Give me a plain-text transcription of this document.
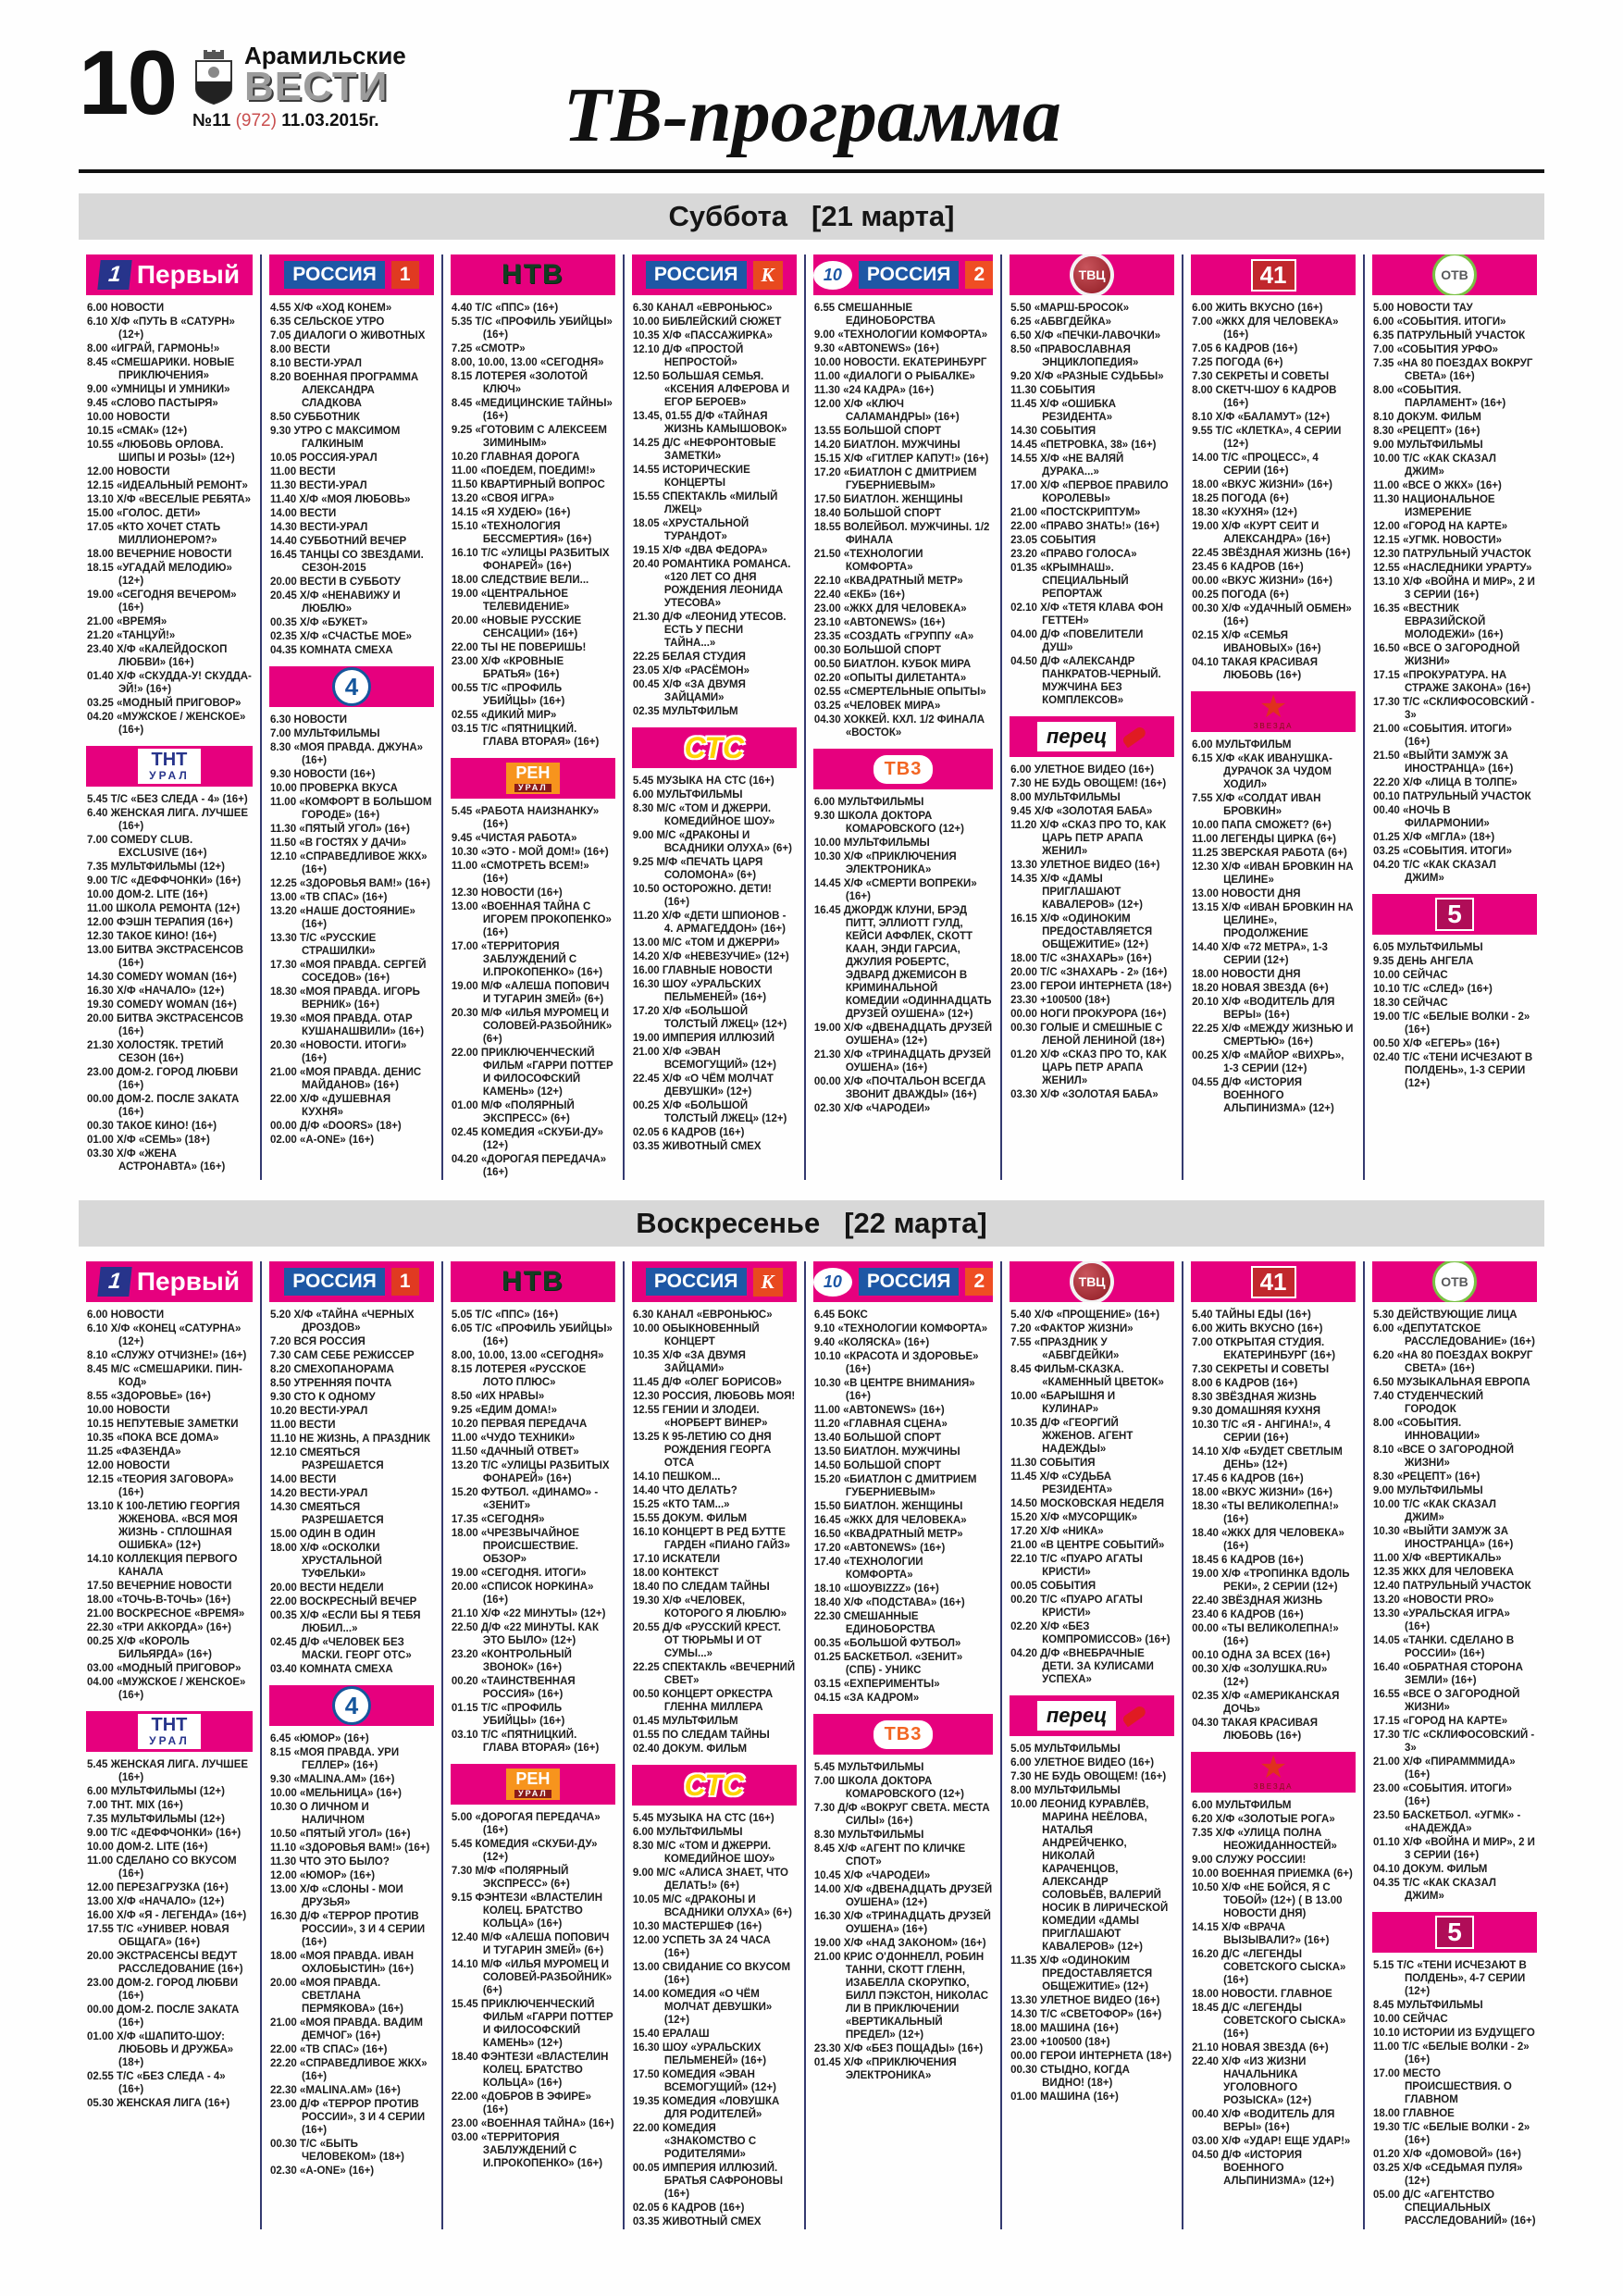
10	Арамильские
ВЕСТИ
№11 (972) 11.03.2015г.	ТВ-программа
Суббота [21 марта]
1 Первый
6.00 НОВОСТИ
6.10 Х/Ф «ПУТЬ В «САТУРН» (12+)
8.00 «ИГРАЙ, ГАРМОНЬ!»
8.45 «СМЕШАРИКИ. НОВЫЕ ПРИКЛЮЧЕНИЯ»
9.00 «УМНИЦЫ И УМНИКИ»
9.45 «СЛОВО ПАСТЫРЯ»
10.00 НОВОСТИ
10.15 «СМАК» (12+)
10.55 «ЛЮБОВЬ ОРЛОВА. ШИПЫ И РОЗЫ» (12+)
12.00 НОВОСТИ
12.15 «ИДЕАЛЬНЫЙ РЕМОНТ»
13.10 Х/Ф «ВЕСЕЛЫЕ РЕБЯТА»
15.00 «ГОЛОС. ДЕТИ»
17.05 «КТО ХОЧЕТ СТАТЬ МИЛЛИОНЕРОМ?»
18.00 ВЕЧЕРНИЕ НОВОСТИ
18.15 «УГАДАЙ МЕЛОДИЮ» (12+)
19.00 «СЕГОДНЯ ВЕЧЕРОМ» (16+)
21.00 «ВРЕМЯ»
21.20 «ТАНЦУЙ!»
23.40 Х/Ф «КАЛЕЙДОСКОП ЛЮБВИ» (16+)
01.40 Х/Ф «СКУДДА-У! СКУДДА-ЭЙ!» (16+)
03.25 «МОДНЫЙ ПРИГОВОР»
04.20 «МУЖСКОЕ / ЖЕНСКОЕ» (16+)
ТНТ
УРАЛ
5.45 Т/С «БЕЗ СЛЕДА - 4» (16+)
6.40 ЖЕНСКАЯ ЛИГА. ЛУЧШЕЕ (16+)
7.00 COMEDY CLUB. EXCLUSIVE (16+)
7.35 МУЛЬТФИЛЬМЫ (12+)
9.00 Т/С «ДЕФФЧОНКИ» (16+)
10.00 ДОМ-2. LITE (16+)
11.00 ШКОЛА РЕМОНТА (12+)
12.00 ФЭШН ТЕРАПИЯ (16+)
12.30 ТАКОЕ КИНО! (16+)
13.00 БИТВА ЭКСТРАСЕНСОВ (16+)
14.30 COMEDY WOMAN (16+)
16.30 Х/Ф «НАЧАЛО» (12+)
19.30 COMEDY WOMAN (16+)
20.00 БИТВА ЭКСТРАСЕНСОВ (16+)
21.30 ХОЛОСТЯК. ТРЕТИЙ СЕЗОН (16+)
23.00 ДОМ-2. ГОРОД ЛЮБВИ (16+)
00.00 ДОМ-2. ПОСЛЕ ЗАКАТА (16+)
00.30 ТАКОЕ КИНО! (16+)
01.00 Х/Ф «СЕМЬ» (18+)
03.30 Х/Ф «ЖЕНА АСТРОНАВТА» (16+)
РОССИЯ	1
4.55 Х/Ф «ХОД КОНЕМ»
6.35 СЕЛЬСКОЕ УТРО
7.05 ДИАЛОГИ О ЖИВОТНЫХ
8.00 ВЕСТИ
8.10 ВЕСТИ-УРАЛ
8.20 ВОЕННАЯ ПРОГРАММА АЛЕКСАНДРА СЛАДКОВА
8.50 СУББОТНИК
9.30 УТРО С МАКСИМОМ ГАЛКИНЫМ
10.05 РОССИЯ-УРАЛ
11.00 ВЕСТИ
11.30 ВЕСТИ-УРАЛ
11.40 Х/Ф «МОЯ ЛЮБОВЬ»
14.00 ВЕСТИ
14.30 ВЕСТИ-УРАЛ
14.40 СУББОТНИЙ ВЕЧЕР
16.45 ТАНЦЫ СО ЗВЕЗДАМИ. СЕЗОН-2015
20.00 ВЕСТИ В СУББОТУ
20.45 Х/Ф «НЕНАВИЖУ И ЛЮБЛЮ»
00.35 Х/Ф «БУКЕТ»
02.35 Х/Ф «СЧАСТЬЕ МОЕ»
04.35 КОМНАТА СМЕХА
4
6.30 НОВОСТИ
7.00 МУЛЬТФИЛЬМЫ
8.30 «МОЯ ПРАВДА. ДЖУНА» (16+)
9.30 НОВОСТИ (16+)
10.00 ПРОВЕРКА ВКУСА
11.00 «КОМФОРТ В БОЛЬШОМ ГОРОДЕ» (16+)
11.30 «ПЯТЫЙ УГОЛ» (16+)
11.50 «В ГОСТЯХ У ДАЧИ»
12.10 «СПРАВЕДЛИВОЕ ЖКХ» (16+)
12.25 «ЗДОРОВЬЯ ВАМ!» (16+)
13.00 «ТВ СПАС» (16+)
13.20 «НАШЕ ДОСТОЯНИЕ» (16+)
13.30 Т/С «РУССКИЕ СТРАШИЛКИ»
17.30 «МОЯ ПРАВДА. СЕРГЕЙ СОСЕДОВ» (16+)
18.30 «МОЯ ПРАВДА. ИГОРЬ ВЕРНИК» (16+)
19.30 «МОЯ ПРАВДА. ОТАР КУШАНАШВИЛИ» (16+)
20.30 «НОВОСТИ. ИТОГИ» (16+)
21.00 «МОЯ ПРАВДА. ДЕНИС МАЙДАНОВ» (16+)
22.00 Х/Ф «ДУШЕВНАЯ КУХНЯ»
00.00 Д/Ф «DOORS» (18+)
02.00 «А-ONE» (16+)
НТВ
4.40 Т/С «ППС» (16+)
5.35 Т/С «ПРОФИЛЬ УБИЙЦЫ» (16+)
7.25 «СМОТР»
8.00, 10.00, 13.00 «СЕГОДНЯ»
8.15 ЛОТЕРЕЯ «ЗОЛОТОЙ КЛЮЧ»
8.45 «МЕДИЦИНСКИЕ ТАЙНЫ» (16+)
9.25 «ГОТОВИМ С АЛЕКСЕЕМ ЗИМИНЫМ»
10.20 ГЛАВНАЯ ДОРОГА
11.00 «ПОЕДЕМ, ПОЕДИМ!»
11.50 КВАРТИРНЫЙ ВОПРОС
13.20 «СВОЯ ИГРА»
14.15 «Я ХУДЕЮ» (16+)
15.10 «ТЕХНОЛОГИЯ БЕССМЕРТИЯ» (16+)
16.10 Т/С «УЛИЦЫ РАЗБИТЫХ ФОНАРЕЙ» (16+)
18.00 СЛЕДСТВИЕ ВЕЛИ...
19.00 «ЦЕНТРАЛЬНОЕ ТЕЛЕВИДЕНИЕ»
20.00 «НОВЫЕ РУССКИЕ СЕНСАЦИИ» (16+)
22.00 ТЫ НЕ ПОВЕРИШЬ!
23.00 Х/Ф «КРОВНЫЕ БРАТЬЯ» (16+)
00.55 Т/С «ПРОФИЛЬ УБИЙЦЫ» (16+)
02.55 «ДИКИЙ МИР»
03.15 Т/С «ПЯТНИЦКИЙ. ГЛАВА ВТОРАЯ» (16+)
РЕН
УРАЛ
5.45 «РАБОТА НАИЗНАНКУ» (16+)
9.45 «ЧИСТАЯ РАБОТА»
10.30 «ЭТО - МОЙ ДОМ!» (16+)
11.00 «СМОТРЕТЬ ВСЕМ!» (16+)
12.30 НОВОСТИ (16+)
13.00 «ВОЕННАЯ ТАЙНА С ИГОРЕМ ПРОКОПЕНКО» (16+)
17.00 «ТЕРРИТОРИЯ ЗАБЛУЖДЕНИЙ С И.ПРОКОПЕНКО» (16+)
19.00 М/Ф «АЛЕША ПОПОВИЧ И ТУГАРИН ЗМЕЙ» (6+)
20.30 М/Ф «ИЛЬЯ МУРОМЕЦ И СОЛОВЕЙ-РАЗБОЙНИК» (6+)
22.00 ПРИКЛЮЧЕНЧЕСКИЙ ФИЛЬМ «ГАРРИ ПОТТЕР И ФИЛОСОФСКИЙ КАМЕНЬ» (12+)
01.00 М/Ф «ПОЛЯРНЫЙ ЭКСПРЕСС» (6+)
02.45 КОМЕДИЯ «СКУБИ-ДУ» (12+)
04.20 «ДОРОГАЯ ПЕРЕДАЧА» (16+)
РОССИЯ	К
6.30 КАНАЛ «ЕВРОНЬЮС»
10.00 БИБЛЕЙСКИЙ СЮЖЕТ
10.35 Х/Ф «ПАССАЖИРКА»
12.10 Д/Ф «ПРОСТОЙ НЕПРОСТОЙ»
12.50 БОЛЬШАЯ СЕМЬЯ. «КСЕНИЯ АЛФЕРОВА И ЕГОР БЕРОЕВ»
13.45, 01.55 Д/Ф «ТАЙНАЯ ЖИЗНЬ КАМЫШОВОК»
14.25 Д/С «НЕФРОНТОВЫЕ ЗАМЕТКИ»
14.55 ИСТОРИЧЕСКИЕ КОНЦЕРТЫ
15.55 СПЕКТАКЛЬ «МИЛЫЙ ЛЖЕЦ»
18.05 «ХРУСТАЛЬНОЙ ТУРАНДОТ»
19.15 Х/Ф «ДВА ФЕДОРА»
20.40 РОМАНТИКА РОМАНСА. «120 ЛЕТ СО ДНЯ РОЖДЕНИЯ ЛЕОНИДА УТЕСОВА»
21.30 Д/Ф «ЛЕОНИД УТЕСОВ. ЕСТЬ У ПЕСНИ ТАЙНА...»
22.25 БЕЛАЯ СТУДИЯ
23.05 Х/Ф «РАСЁМОН»
00.45 Х/Ф «ЗА ДВУМЯ ЗАЙЦАМИ»
02.35 МУЛЬТФИЛЬМ
СТС
5.45 МУЗЫКА НА СТС (16+)
6.00 МУЛЬТФИЛЬМЫ
8.30 М/С «ТОМ И ДЖЕРРИ. КОМЕДИЙНОЕ ШОУ»
9.00 М/С «ДРАКОНЫ И ВСАДНИКИ ОЛУХА» (6+)
9.25 М/Ф «ПЕЧАТЬ ЦАРЯ СОЛОМОНА» (6+)
10.50 ОСТОРОЖНО. ДЕТИ! (16+)
11.20 Х/Ф «ДЕТИ ШПИОНОВ - 4. АРМАГЕДДОН» (16+)
13.00 М/С «ТОМ И ДЖЕРРИ»
14.20 Х/Ф «НЕВЕЗУЧИЕ» (12+)
16.00 ГЛАВНЫЕ НОВОСТИ
16.30 ШОУ «УРАЛЬСКИХ ПЕЛЬМЕНЕЙ» (16+)
17.20 Х/Ф «БОЛЬШОЙ ТОЛСТЫЙ ЛЖЕЦ» (12+)
19.00 ИМПЕРИЯ ИЛЛЮЗИЙ
21.00 Х/Ф «ЭВАН ВСЕМОГУЩИЙ» (12+)
22.45 Х/Ф «О ЧЁМ МОЛЧАТ ДЕВУШКИ» (12+)
00.25 Х/Ф «БОЛЬШОЙ ТОЛСТЫЙ ЛЖЕЦ» (12+)
02.05 6 КАДРОВ (16+)
03.35 ЖИВОТНЫЙ СМЕХ
10	РОССИЯ	2
6.55 СМЕШАННЫЕ ЕДИНОБОРСТВА
9.00 «ТЕХНОЛОГИИ КОМФОРТА»
9.30 «АВТОNEWS» (16+)
10.00 НОВОСТИ. ЕКАТЕРИНБУРГ
11.00 «ДИАЛОГИ О РЫБАЛКЕ»
11.30 «24 КАДРА» (16+)
12.00 Х/Ф «КЛЮЧ САЛАМАНДРЫ» (16+)
13.55 БОЛЬШОЙ СПОРТ
14.20 БИАТЛОН. МУЖЧИНЫ
15.15 Х/Ф «ГИТЛЕР КАПУТ!» (16+)
17.20 «БИАТЛОН С ДМИТРИЕМ ГУБЕРНИЕВЫМ»
17.50 БИАТЛОН. ЖЕНЩИНЫ
18.40 БОЛЬШОЙ СПОРТ
18.55 ВОЛЕЙБОЛ. МУЖЧИНЫ. 1/2 ФИНАЛА
21.50 «ТЕХНОЛОГИИ КОМФОРТА»
22.10 «КВАДРАТНЫЙ МЕТР»
22.40 «ЕКБ» (16+)
23.00 «ЖКХ ДЛЯ ЧЕЛОВЕКА»
23.10 «АВТОNEWS» (16+)
23.35 «СОЗДАТЬ «ГРУППУ «А»
00.30 БОЛЬШОЙ СПОРТ
00.50 БИАТЛОН. КУБОК МИРА
02.20 «ОПЫТЫ ДИЛЕТАНТА»
02.55 «СМЕРТЕЛЬНЫЕ ОПЫТЫ»
03.25 «ЧЕЛОВЕК МИРА»
04.30 ХОККЕЙ. КХЛ. 1/2 ФИНАЛА «ВОСТОК»
ТВ3
6.00 МУЛЬТФИЛЬМЫ
9.30 ШКОЛА ДОКТОРА КОМАРОВСКОГО (12+)
10.00 МУЛЬТФИЛЬМЫ
10.30 Х/Ф «ПРИКЛЮЧЕНИЯ ЭЛЕКТРОНИКА»
14.45 Х/Ф «СМЕРТИ ВОПРЕКИ» (16+)
16.45 ДЖОРДЖ КЛУНИ, БРЭД ПИТТ, ЭЛЛИОТТ ГУЛД, КЕЙСИ АФФЛЕК, СКОТТ КААН, ЭНДИ ГАРСИА, ДЖУЛИЯ РОБЕРТС, ЭДВАРД ДЖЕМИСОН В КРИМИНАЛЬНОЙ КОМЕДИИ «ОДИННАДЦАТЬ ДРУЗЕЙ ОУШЕНА» (12+)
19.00 Х/Ф «ДВЕНАДЦАТЬ ДРУЗЕЙ ОУШЕНА» (12+)
21.30 Х/Ф «ТРИНАДЦАТЬ ДРУЗЕЙ ОУШЕНА» (16+)
00.00 Х/Ф «ПОЧТАЛЬОН ВСЕГДА ЗВОНИТ ДВАЖДЫ» (16+)
02.30 Х/Ф «ЧАРОДЕИ»
ТВЦ
5.50 «МАРШ-БРОСОК»
6.25 «АБВГДЕЙКА»
6.50 Х/Ф «ПЕЧКИ-ЛАВОЧКИ»
8.50 «ПРАВОСЛАВНАЯ ЭНЦИКЛОПЕДИЯ»
9.20 Х/Ф «РАЗНЫЕ СУДЬБЫ»
11.30 СОБЫТИЯ
11.45 Х/Ф «ОШИБКА РЕЗИДЕНТА»
14.30 СОБЫТИЯ
14.45 «ПЕТРОВКА, 38» (16+)
14.55 Х/Ф «НЕ ВАЛЯЙ ДУРАКА...»
17.00 Х/Ф «ПЕРВОЕ ПРАВИЛО КОРОЛЕВЫ»
21.00 «ПОСТСКРИПТУМ»
22.00 «ПРАВО ЗНАТЬ!» (16+)
23.05 СОБЫТИЯ
23.20 «ПРАВО ГОЛОСА»
01.35 «КРЫМНАШ». СПЕЦИАЛЬНЫЙ РЕПОРТАЖ
02.10 Х/Ф «ТЕТЯ КЛАВА ФОН ГЕТТЕН»
04.00 Д/Ф «ПОВЕЛИТЕЛИ ДУШ»
04.50 Д/Ф «АЛЕКСАНДР ПАНКРАТОВ-ЧЕРНЫЙ. МУЖЧИНА БЕЗ КОМПЛЕКСОВ»
перец
6.00 УЛЕТНОЕ ВИДЕО (16+)
7.30 НЕ БУДЬ ОВОЩЕМ! (16+)
8.00 МУЛЬТФИЛЬМЫ
9.45 Х/Ф «ЗОЛОТАЯ БАБА»
11.20 Х/Ф «СКАЗ ПРО ТО, КАК ЦАРЬ ПЕТР АРАПА ЖЕНИЛ»
13.30 УЛЕТНОЕ ВИДЕО (16+)
14.35 Х/Ф «ДАМЫ ПРИГЛАШАЮТ КАВАЛЕРОВ» (12+)
16.15 Х/Ф «ОДИНОКИМ ПРЕДОСТАВЛЯЕТСЯ ОБЩЕЖИТИЕ» (12+)
18.00 Т/С «ЗНАХАРЬ» (16+)
20.00 Т/С «ЗНАХАРЬ - 2» (16+)
23.00 ГЕРОИ ИНТЕРНЕТА (18+)
23.30 +100500 (18+)
00.00 НОГИ ПРОКУРОРА (16+)
00.30 ГОЛЫЕ И СМЕШНЫЕ С ЛЕНОЙ ЛЕНИНОЙ (18+)
01.20 Х/Ф «СКАЗ ПРО ТО, КАК ЦАРЬ ПЕТР АРАПА ЖЕНИЛ»
03.30 Х/Ф «ЗОЛОТАЯ БАБА»
41
6.00 ЖИТЬ ВКУСНО (16+)
7.00 «ЖКХ ДЛЯ ЧЕЛОВЕКА» (16+)
7.05 6 КАДРОВ (16+)
7.25 ПОГОДА (6+)
7.30 СЕКРЕТЫ И СОВЕТЫ
8.00 СКЕТЧ-ШОУ 6 КАДРОВ (16+)
8.10 Х/Ф «БАЛАМУТ» (12+)
9.55 Т/С «КЛЕТКА», 4 СЕРИИ (12+)
14.00 Т/С «ПРОЦЕСС», 4 СЕРИИ (16+)
18.00 «ВКУС ЖИЗНИ» (16+)
18.25 ПОГОДА (6+)
18.30 «КУХНЯ» (12+)
19.00 Х/Ф «КУРТ СЕИТ И АЛЕКСАНДРА» (16+)
22.45 ЗВЁЗДНАЯ ЖИЗНЬ (16+)
23.45 6 КАДРОВ (16+)
00.00 «ВКУС ЖИЗНИ» (16+)
00.25 ПОГОДА (6+)
00.30 Х/Ф «УДАЧНЫЙ ОБМЕН» (16+)
02.15 Х/Ф «СЕМЬЯ ИВАНОВЫХ» (16+)
04.10 ТАКАЯ КРАСИВАЯ ЛЮБОВЬ (16+)
★
ЗВЕЗДА
6.00 МУЛЬТФИЛЬМ
6.15 Х/Ф «КАК ИВАНУШКА-ДУРАЧОК ЗА ЧУДОМ ХОДИЛ»
7.55 Х/Ф «СОЛДАТ ИВАН БРОВКИН»
10.00 ПАПА СМОЖЕТ? (6+)
11.00 ЛЕГЕНДЫ ЦИРКА (6+)
11.25 ЗВЕРСКАЯ РАБОТА (6+)
12.30 Х/Ф «ИВАН БРОВКИН НА ЦЕЛИНЕ»
13.00 НОВОСТИ ДНЯ
13.15 Х/Ф «ИВАН БРОВКИН НА ЦЕЛИНЕ», ПРОДОЛЖЕНИЕ
14.40 Х/Ф «72 МЕТРА», 1-3 СЕРИИ (12+)
18.00 НОВОСТИ ДНЯ
18.20 НОВАЯ ЗВЕЗДА (6+)
20.10 Х/Ф «ВОДИТЕЛЬ ДЛЯ ВЕРЫ» (16+)
22.25 Х/Ф «МЕЖДУ ЖИЗНЬЮ И СМЕРТЬЮ» (16+)
00.25 Х/Ф «МАЙОР «ВИХРЬ», 1-3 СЕРИИ (12+)
04.55 Д/Ф «ИСТОРИЯ ВОЕННОГО АЛЬПИНИЗМА» (12+)
ОТВ
5.00 НОВОСТИ ТАУ
6.00 «СОБЫТИЯ. ИТОГИ»
6.35 ПАТРУЛЬНЫЙ УЧАСТОК
7.00 «СОБЫТИЯ УРФО»
7.35 «НА 80 ПОЕЗДАХ ВОКРУГ СВЕТА» (16+)
8.00 «СОБЫТИЯ. ПАРЛАМЕНТ» (16+)
8.10 ДОКУМ. ФИЛЬМ
8.30 «РЕЦЕПТ» (16+)
9.00 МУЛЬТФИЛЬМЫ
10.00 Т/С «КАК СКАЗАЛ ДЖИМ»
11.00 «ВСЕ О ЖКХ» (16+)
11.30 НАЦИОНАЛЬНОЕ ИЗМЕРЕНИЕ
12.00 «ГОРОД НА КАРТЕ»
12.15 «УГМК. НОВОСТИ»
12.30 ПАТРУЛЬНЫЙ УЧАСТОК
12.55 «НАСЛЕДНИКИ УРАРТУ»
13.10 Х/Ф «ВОЙНА И МИР», 2 И 3 СЕРИИ (16+)
16.35 «ВЕСТНИК ЕВРАЗИЙСКОЙ МОЛОДЕЖИ» (16+)
16.50 «ВСЕ О ЗАГОРОДНОЙ ЖИЗНИ»
17.15 «ПРОКУРАТУРА. НА СТРАЖЕ ЗАКОНА» (16+)
17.30 Т/С «СКЛИФОСОВСКИЙ - 3»
21.00 «СОБЫТИЯ. ИТОГИ» (16+)
21.50 «ВЫЙТИ ЗАМУЖ ЗА ИНОСТРАНЦА» (16+)
22.20 Х/Ф «ЛИЦА В ТОЛПЕ»
00.10 ПАТРУЛЬНЫЙ УЧАСТОК
00.40 «НОЧЬ В ФИЛАРМОНИИ»
01.25 Х/Ф «МГЛА» (18+)
03.25 «СОБЫТИЯ. ИТОГИ»
04.20 Т/С «КАК СКАЗАЛ ДЖИМ»
5
6.05 МУЛЬТФИЛЬМЫ
9.35 ДЕНЬ АНГЕЛА
10.00 СЕЙЧАС
10.10 Т/С «СЛЕД» (16+)
18.30 СЕЙЧАС
19.00 Т/С «БЕЛЫЕ ВОЛКИ - 2» (16+)
00.50 Х/Ф «ЕГЕРЬ» (16+)
02.40 Т/С «ТЕНИ ИСЧЕЗАЮТ В ПОЛДЕНЬ», 1-3 СЕРИИ (12+)
Воскресенье [22 марта]
1 Первый
6.00 НОВОСТИ
6.10 Х/Ф «КОНЕЦ «САТУРНА» (12+)
8.10 «СЛУЖУ ОТЧИЗНЕ!» (16+)
8.45 М/С «СМЕШАРИКИ. ПИН-КОД»
8.55 «ЗДОРОВЬЕ» (16+)
10.00 НОВОСТИ
10.15 НЕПУТЕВЫЕ ЗАМЕТКИ
10.35 «ПОКА ВСЕ ДОМА»
11.25 «ФАЗЕНДА»
12.00 НОВОСТИ
12.15 «ТЕОРИЯ ЗАГОВОРА» (16+)
13.10 К 100-ЛЕТИЮ ГЕОРГИЯ ЖЖЕНОВА. «ВСЯ МОЯ ЖИЗНЬ - СПЛОШНАЯ ОШИБКА» (12+)
14.10 КОЛЛЕКЦИЯ ПЕРВОГО КАНАЛА
17.50 ВЕЧЕРНИЕ НОВОСТИ
18.00 «ТОЧЬ-В-ТОЧЬ» (16+)
21.00 ВОСКРЕСНОЕ «ВРЕМЯ»
22.30 «ТРИ АККОРДА» (16+)
00.25 Х/Ф «КОРОЛЬ БИЛЬЯРДА» (16+)
03.00 «МОДНЫЙ ПРИГОВОР»
04.00 «МУЖСКОЕ / ЖЕНСКОЕ» (16+)
ТНТ
УРАЛ
5.45 ЖЕНСКАЯ ЛИГА. ЛУЧШЕЕ (16+)
6.00 МУЛЬТФИЛЬМЫ (12+)
7.00 ТНТ. MIX (16+)
7.35 МУЛЬТФИЛЬМЫ (12+)
9.00 Т/С «ДЕФФЧОНКИ» (16+)
10.00 ДОМ-2. LITE (16+)
11.00 СДЕЛАНО СО ВКУСОМ (16+)
12.00 ПЕРЕЗАГРУЗКА (16+)
13.00 Х/Ф «НАЧАЛО» (12+)
16.00 Х/Ф «Я - ЛЕГЕНДА» (16+)
17.55 Т/С «УНИВЕР. НОВАЯ ОБЩАГА» (16+)
20.00 ЭКСТРАСЕНСЫ ВЕДУТ РАССЛЕДОВАНИЕ (16+)
23.00 ДОМ-2. ГОРОД ЛЮБВИ (16+)
00.00 ДОМ-2. ПОСЛЕ ЗАКАТА (16+)
01.00 Х/Ф «ШАПИТО-ШОУ: ЛЮБОВЬ И ДРУЖБА» (18+)
02.55 Т/С «БЕЗ СЛЕДА - 4» (16+)
05.30 ЖЕНСКАЯ ЛИГА (16+)
РОССИЯ	1
5.20 Х/Ф «ТАЙНА «ЧЕРНЫХ ДРОЗДОВ»
7.20 ВСЯ РОССИЯ
7.30 САМ СЕБЕ РЕЖИССЕР
8.20 СМЕХОПАНОРАМА
8.50 УТРЕННЯЯ ПОЧТА
9.30 СТО К ОДНОМУ
10.20 ВЕСТИ-УРАЛ
11.00 ВЕСТИ
11.10 НЕ ЖИЗНЬ, А ПРАЗДНИК
12.10 СМЕЯТЬСЯ РАЗРЕШАЕТСЯ
14.00 ВЕСТИ
14.20 ВЕСТИ-УРАЛ
14.30 СМЕЯТЬСЯ РАЗРЕШАЕТСЯ
15.00 ОДИН В ОДИН
18.00 Х/Ф «ОСКОЛКИ ХРУСТАЛЬНОЙ ТУФЕЛЬКИ»
20.00 ВЕСТИ НЕДЕЛИ
22.00 ВОСКРЕСНЫЙ ВЕЧЕР
00.35 Х/Ф «ЕСЛИ БЫ Я ТЕБЯ ЛЮБИЛ...»
02.45 Д/Ф «ЧЕЛОВЕК БЕЗ МАСКИ. ГЕОРГ ОТС»
03.40 КОМНАТА СМЕХА
4
6.45 «ЮМОР» (16+)
8.15 «МОЯ ПРАВДА. УРИ ГЕЛЛЕР» (16+)
9.30 «MALINA.AM» (16+)
10.00 «МЕЛЬНИЦА» (16+)
10.30 О ЛИЧНОМ И НАЛИЧНОМ
10.50 «ПЯТЫЙ УГОЛ» (16+)
11.10 «ЗДОРОВЬЯ ВАМ!» (16+)
11.30 ЧТО ЭТО БЫЛО?
12.00 «ЮМОР» (16+)
13.00 Х/Ф «СЛОНЫ - МОИ ДРУЗЬЯ»
16.30 Д/Ф «ТЕРРОР ПРОТИВ РОССИИ», 3 И 4 СЕРИИ (16+)
18.00 «МОЯ ПРАВДА. ИВАН ОХЛОБЫСТИН» (16+)
20.00 «МОЯ ПРАВДА. СВЕТЛАНА ПЕРМЯКОВА» (16+)
21.00 «МОЯ ПРАВДА. ВАДИМ ДЕМЧОГ» (16+)
22.00 «ТВ СПАС» (16+)
22.20 «СПРАВЕДЛИВОЕ ЖКХ» (16+)
22.30 «MALINA.AM» (16+)
23.00 Д/Ф «ТЕРРОР ПРОТИВ РОССИИ», 3 И 4 СЕРИИ (16+)
00.30 Т/С «БЫТЬ ЧЕЛОВЕКОМ» (18+)
02.30 «А-ONE» (16+)
НТВ
5.05 Т/С «ППС» (16+)
6.05 Т/С «ПРОФИЛЬ УБИЙЦЫ» (16+)
8.00, 10.00, 13.00 «СЕГОДНЯ»
8.15 ЛОТЕРЕЯ «РУССКОЕ ЛОТО ПЛЮС»
8.50 «ИХ НРАВЫ»
9.25 «ЕДИМ ДОМА!»
10.20 ПЕРВАЯ ПЕРЕДАЧА
11.00 «ЧУДО ТЕХНИКИ»
11.50 «ДАЧНЫЙ ОТВЕТ»
13.20 Т/С «УЛИЦЫ РАЗБИТЫХ ФОНАРЕЙ» (16+)
15.20 ФУТБОЛ. «ДИНАМО» - «ЗЕНИТ»
17.35 «СЕГОДНЯ»
18.00 «ЧРЕЗВЫЧАЙНОЕ ПРОИСШЕСТВИЕ. ОБЗОР»
19.00 «СЕГОДНЯ. ИТОГИ»
20.00 «СПИСОК НОРКИНА» (16+)
21.10 Х/Ф «22 МИНУТЫ» (12+)
22.50 Д/Ф «22 МИНУТЫ. КАК ЭТО БЫЛО» (12+)
23.20 «КОНТРОЛЬНЫЙ ЗВОНОК» (16+)
00.20 «ТАИНСТВЕННАЯ РОССИЯ» (16+)
01.15 Т/С «ПРОФИЛЬ УБИЙЦЫ» (16+)
03.10 Т/С «ПЯТНИЦКИЙ. ГЛАВА ВТОРАЯ» (16+)
РЕН
УРАЛ
5.00 «ДОРОГАЯ ПЕРЕДАЧА» (16+)
5.45 КОМЕДИЯ «СКУБИ-ДУ» (12+)
7.30 М/Ф «ПОЛЯРНЫЙ ЭКСПРЕСС» (6+)
9.15 ФЭНТЕЗИ «ВЛАСТЕЛИН КОЛЕЦ. БРАТСТВО КОЛЬЦА» (16+)
12.40 М/Ф «АЛЕША ПОПОВИЧ И ТУГАРИН ЗМЕЙ» (6+)
14.10 М/Ф «ИЛЬЯ МУРОМЕЦ И СОЛОВЕЙ-РАЗБОЙНИК» (6+)
15.45 ПРИКЛЮЧЕНЧЕСКИЙ ФИЛЬМ «ГАРРИ ПОТТЕР И ФИЛОСОФСКИЙ КАМЕНЬ» (12+)
18.40 ФЭНТЕЗИ «ВЛАСТЕЛИН КОЛЕЦ. БРАТСТВО КОЛЬЦА» (16+)
22.00 «ДОБРОВ В ЭФИРЕ» (16+)
23.00 «ВОЕННАЯ ТАЙНА» (16+)
03.00 «ТЕРРИТОРИЯ ЗАБЛУЖДЕНИЙ С И.ПРОКОПЕНКО» (16+)
РОССИЯ	К
6.30 КАНАЛ «ЕВРОНЬЮС»
10.00 ОБЫКНОВЕННЫЙ КОНЦЕРТ
10.35 Х/Ф «ЗА ДВУМЯ ЗАЙЦАМИ»
11.45 Д/Ф «ОЛЕГ БОРИСОВ»
12.30 РОССИЯ, ЛЮБОВЬ МОЯ!
12.55 ГЕНИИ И ЗЛОДЕИ. «НОРБЕРТ ВИНЕР»
13.25 К 95-ЛЕТИЮ СО ДНЯ РОЖДЕНИЯ ГЕОРГА ОТСА
14.10 ПЕШКОМ...
14.40 ЧТО ДЕЛАТЬ?
15.25 «КТО ТАМ...»
15.55 ДОКУМ. ФИЛЬМ
16.10 КОНЦЕРТ В РЕД БУТТЕ ГАРДЕН «ПИАНО ГАЙЗ»
17.10 ИСКАТЕЛИ
18.00 КОНТЕКСТ
18.40 ПО СЛЕДАМ ТАЙНЫ
19.30 Х/Ф «ЧЕЛОВЕК, КОТОРОГО Я ЛЮБЛЮ»
20.55 Д/Ф «РУССКИЙ КРЕСТ. ОТ ТЮРЬМЫ И ОТ СУМЫ...»
22.25 СПЕКТАКЛЬ «ВЕЧЕРНИЙ СВЕТ»
00.50 КОНЦЕРТ ОРКЕСТРА ГЛЕННА МИЛЛЕРА
01.45 МУЛЬТФИЛЬМ
01.55 ПО СЛЕДАМ ТАЙНЫ
02.40 ДОКУМ. ФИЛЬМ
СТС
5.45 МУЗЫКА НА СТС (16+)
6.00 МУЛЬТФИЛЬМЫ
8.30 М/С «ТОМ И ДЖЕРРИ. КОМЕДИЙНОЕ ШОУ»
9.00 М/С «АЛИСА ЗНАЕТ, ЧТО ДЕЛАТЬ!» (6+)
10.05 М/С «ДРАКОНЫ И ВСАДНИКИ ОЛУХА» (6+)
10.30 МАСТЕРШЕФ (16+)
12.00 УСПЕТЬ ЗА 24 ЧАСА (16+)
13.00 СВИДАНИЕ СО ВКУСОМ (16+)
14.00 КОМЕДИЯ «О ЧЁМ МОЛЧАТ ДЕВУШКИ» (12+)
15.40 ЕРАЛАШ
16.30 ШОУ «УРАЛЬСКИХ ПЕЛЬМЕНЕЙ» (16+)
17.50 КОМЕДИЯ «ЭВАН ВСЕМОГУЩИЙ» (12+)
19.35 КОМЕДИЯ «ЛОВУШКА ДЛЯ РОДИТЕЛЕЙ»
22.00 КОМЕДИЯ «ЗНАКОМСТВО С РОДИТЕЛЯМИ»
00.05 ИМПЕРИЯ ИЛЛЮЗИЙ. БРАТЬЯ САФРОНОВЫ (16+)
02.05 6 КАДРОВ (16+)
03.35 ЖИВОТНЫЙ СМЕХ
10	РОССИЯ	2
6.45 БОКС
9.10 «ТЕХНОЛОГИИ КОМФОРТА»
9.40 «КОЛЯСКА» (16+)
10.10 «КРАСОТА И ЗДОРОВЬЕ» (16+)
10.30 «В ЦЕНТРЕ ВНИМАНИЯ» (16+)
11.00 «АВТОNEWS» (16+)
11.20 «ГЛАВНАЯ СЦЕНА»
13.40 БОЛЬШОЙ СПОРТ
13.50 БИАТЛОН. МУЖЧИНЫ
14.50 БОЛЬШОЙ СПОРТ
15.20 «БИАТЛОН С ДМИТРИЕМ ГУБЕРНИЕВЫМ»
15.50 БИАТЛОН. ЖЕНЩИНЫ
16.45 «ЖКХ ДЛЯ ЧЕЛОВЕКА»
16.50 «КВАДРАТНЫЙ МЕТР»
17.20 «АВТОNEWS» (16+)
17.40 «ТЕХНОЛОГИИ КОМФОРТА»
18.10 «ШОУBIZZZ» (16+)
18.40 Х/Ф «ПОДСТАВА» (16+)
22.30 СМЕШАННЫЕ ЕДИНОБОРСТВА
00.35 «БОЛЬШОЙ ФУТБОЛ»
01.25 БАСКЕТБОЛ. «ЗЕНИТ» (СПБ) - УНИКС
03.15 «ЕХПЕРИМЕНТЫ»
04.15 «ЗА КАДРОМ»
ТВ3
5.45 МУЛЬТФИЛЬМЫ
7.00 ШКОЛА ДОКТОРА КОМАРОВСКОГО (12+)
7.30 Д/Ф «ВОКРУГ СВЕТА. МЕСТА СИЛЫ» (16+)
8.30 МУЛЬТФИЛЬМЫ
8.45 Х/Ф «АГЕНТ ПО КЛИЧКЕ СПОТ»
10.45 Х/Ф «ЧАРОДЕИ»
14.00 Х/Ф «ДВЕНАДЦАТЬ ДРУЗЕЙ ОУШЕНА» (12+)
16.30 Х/Ф «ТРИНАДЦАТЬ ДРУЗЕЙ ОУШЕНА» (16+)
19.00 Х/Ф «НАД ЗАКОНОМ» (16+)
21.00 КРИС О'ДОННЕЛЛ, РОБИН ТАННИ, СКОТТ ГЛЕНН, ИЗАБЕЛЛА СКОРУПКО, БИЛЛ ПЭКСТОН, НИКОЛАС ЛИ В ПРИКЛЮЧЕНИИ «ВЕРТИКАЛЬНЫЙ ПРЕДЕЛ» (12+)
23.30 Х/Ф «БЕЗ ПОЩАДЫ» (16+)
01.45 Х/Ф «ПРИКЛЮЧЕНИЯ ЭЛЕКТРОНИКА»
ТВЦ
5.40 Х/Ф «ПРОЩЕНИЕ» (16+)
7.20 «ФАКТОР ЖИЗНИ»
7.55 «ПРАЗДНИК У «АБВГДЕЙКИ»
8.45 ФИЛЬМ-СКАЗКА. «КАМЕННЫЙ ЦВЕТОК»
10.00 «БАРЫШНЯ И КУЛИНАР»
10.35 Д/Ф «ГЕОРГИЙ ЖЖЕНОВ. АГЕНТ НАДЕЖДЫ»
11.30 СОБЫТИЯ
11.45 Х/Ф «СУДЬБА РЕЗИДЕНТА»
14.50 МОСКОВСКАЯ НЕДЕЛЯ
15.20 Х/Ф «МУСОРЩИК»
17.20 Х/Ф «НИКА»
21.00 «В ЦЕНТРЕ СОБЫТИЙ»
22.10 Т/С «ПУАРО АГАТЫ КРИСТИ»
00.05 СОБЫТИЯ
00.20 Т/С «ПУАРО АГАТЫ КРИСТИ»
02.20 Х/Ф «БЕЗ КОМПРОМИССОВ» (16+)
04.20 Д/Ф «ВНЕБРАЧНЫЕ ДЕТИ. ЗА КУЛИСАМИ УСПЕХА»
перец
5.05 МУЛЬТФИЛЬМЫ
6.00 УЛЕТНОЕ ВИДЕО (16+)
7.30 НЕ БУДЬ ОВОЩЕМ! (16+)
8.00 МУЛЬТФИЛЬМЫ
10.00 ЛЕОНИД КУРАВЛЁВ, МАРИНА НЕЁЛОВА, НАТАЛЬЯ АНДРЕЙЧЕНКО, НИКОЛАЙ КАРАЧЕНЦОВ, АЛЕКСАНДР СОЛОВЬЁВ, ВАЛЕРИЙ НОСИК В ЛИРИЧЕСКОЙ КОМЕДИИ «ДАМЫ ПРИГЛАШАЮТ КАВАЛЕРОВ» (12+)
11.35 Х/Ф «ОДИНОКИМ ПРЕДОСТАВЛЯЕТСЯ ОБЩЕЖИТИЕ» (12+)
13.30 УЛЕТНОЕ ВИДЕО (16+)
14.30 Т/С «СВЕТОФОР» (16+)
18.00 МАШИНА (16+)
23.00 +100500 (18+)
00.00 ГЕРОИ ИНТЕРНЕТА (18+)
00.30 СТЫДНО, КОГДА ВИДНО! (18+)
01.00 МАШИНА (16+)
41
5.40 ТАЙНЫ ЕДЫ (16+)
6.00 ЖИТЬ ВКУСНО (16+)
7.00 ОТКРЫТАЯ СТУДИЯ. ЕКАТЕРИНБУРГ (16+)
7.30 СЕКРЕТЫ И СОВЕТЫ
8.00 6 КАДРОВ (16+)
8.30 ЗВЁЗДНАЯ ЖИЗНЬ
9.30 ДОМАШНЯЯ КУХНЯ
10.30 Т/С «Я - АНГИНА!», 4 СЕРИИ (16+)
14.10 Х/Ф «БУДЕТ СВЕТЛЫМ ДЕНЬ» (12+)
17.45 6 КАДРОВ (16+)
18.00 «ВКУС ЖИЗНИ» (16+)
18.30 «ТЫ ВЕЛИКОЛЕПНА!» (16+)
18.40 «ЖКХ ДЛЯ ЧЕЛОВЕКА» (16+)
18.45 6 КАДРОВ (16+)
19.00 Х/Ф «ТРОПИНКА ВДОЛЬ РЕКИ», 2 СЕРИИ (12+)
22.40 ЗВЁЗДНАЯ ЖИЗНЬ
23.40 6 КАДРОВ (16+)
00.00 «ТЫ ВЕЛИКОЛЕПНА!» (16+)
00.10 ОДНА ЗА ВСЕХ (16+)
00.30 Х/Ф «ЗОЛУШКА.RU» (12+)
02.35 Х/Ф «АМЕРИКАНСКАЯ ДОЧЬ»
04.30 ТАКАЯ КРАСИВАЯ ЛЮБОВЬ (16+)
★
ЗВЕЗДА
6.00 МУЛЬТФИЛЬМ
6.20 Х/Ф «ЗОЛОТЫЕ РОГА»
7.35 Х/Ф «УЛИЦА ПОЛНА НЕОЖИДАННОСТЕЙ»
9.00 СЛУЖУ РОССИИ!
10.00 ВОЕННАЯ ПРИЕМКА (6+)
10.50 Х/Ф «НЕ БОЙСЯ, Я С ТОБОЙ» (12+) ( В 13.00 НОВОСТИ ДНЯ)
14.15 Х/Ф «ВРАЧА ВЫЗЫВАЛИ?» (16+)
16.20 Д/С «ЛЕГЕНДЫ СОВЕТСКОГО СЫСКА» (16+)
18.00 НОВОСТИ. ГЛАВНОЕ
18.45 Д/С «ЛЕГЕНДЫ СОВЕТСКОГО СЫСКА» (16+)
21.10 НОВАЯ ЗВЕЗДА (6+)
22.40 Х/Ф «ИЗ ЖИЗНИ НАЧАЛЬНИКА УГОЛОВНОГО РОЗЫСКА» (12+)
00.40 Х/Ф «ВОДИТЕЛЬ ДЛЯ ВЕРЫ» (16+)
03.00 Х/Ф «УДАР! ЕЩЕ УДАР!»
04.50 Д/Ф «ИСТОРИЯ ВОЕННОГО АЛЬПИНИЗМА» (12+)
ОТВ
5.30 ДЕЙСТВУЮЩИЕ ЛИЦА
6.00 «ДЕПУТАТСКОЕ РАССЛЕДОВАНИЕ» (16+)
6.20 «НА 80 ПОЕЗДАХ ВОКРУГ СВЕТА» (16+)
6.50 МУЗЫКАЛЬНАЯ ЕВРОПА
7.40 СТУДЕНЧЕСКИЙ ГОРОДОК
8.00 «СОБЫТИЯ. ИННОВАЦИИ»
8.10 «ВСЕ О ЗАГОРОДНОЙ ЖИЗНИ»
8.30 «РЕЦЕПТ» (16+)
9.00 МУЛЬТФИЛЬМЫ
10.00 Т/С «КАК СКАЗАЛ ДЖИМ»
10.30 «ВЫЙТИ ЗАМУЖ ЗА ИНОСТРАНЦА» (16+)
11.00 Х/Ф «ВЕРТИКАЛЬ»
12.35 ЖКХ ДЛЯ ЧЕЛОВЕКА
12.40 ПАТРУЛЬНЫЙ УЧАСТОК
13.20 «НОВОСТИ PRO»
13.30 «УРАЛЬСКАЯ ИГРА» (16+)
14.05 «ТАНКИ. СДЕЛАНО В РОССИИ» (16+)
16.40 «ОБРАТНАЯ СТОРОНА ЗЕМЛИ» (16+)
16.55 «ВСЕ О ЗАГОРОДНОЙ ЖИЗНИ»
17.15 «ГОРОД НА КАРТЕ»
17.30 Т/С «СКЛИФОСОВСКИЙ - 3»
21.00 Х/Ф «ПИРАМММИДА» (16+)
23.00 «СОБЫТИЯ. ИТОГИ» (16+)
23.50 БАСКЕТБОЛ. «УГМК» - «НАДЕЖДА»
01.10 Х/Ф «ВОЙНА И МИР», 2 И 3 СЕРИИ (16+)
04.10 ДОКУМ. ФИЛЬМ
04.35 Т/С «КАК СКАЗАЛ ДЖИМ»
5
5.15 Т/С «ТЕНИ ИСЧЕЗАЮТ В ПОЛДЕНЬ», 4-7 СЕРИИ (12+)
8.45 МУЛЬТФИЛЬМЫ
10.00 СЕЙЧАС
10.10 ИСТОРИИ ИЗ БУДУЩЕГО
11.00 Т/С «БЕЛЫЕ ВОЛКИ - 2» (16+)
17.00 МЕСТО ПРОИСШЕСТВИЯ. О ГЛАВНОМ
18.00 ГЛАВНОЕ
19.30 Т/С «БЕЛЫЕ ВОЛКИ - 2» (16+)
01.20 Х/Ф «ДОМОВОЙ» (16+)
03.25 Х/Ф «СЕДЬМАЯ ПУЛЯ» (12+)
05.00 Д/С «АГЕНТСТВО СПЕЦИАЛЬНЫХ РАССЛЕДОВАНИЙ» (16+)
